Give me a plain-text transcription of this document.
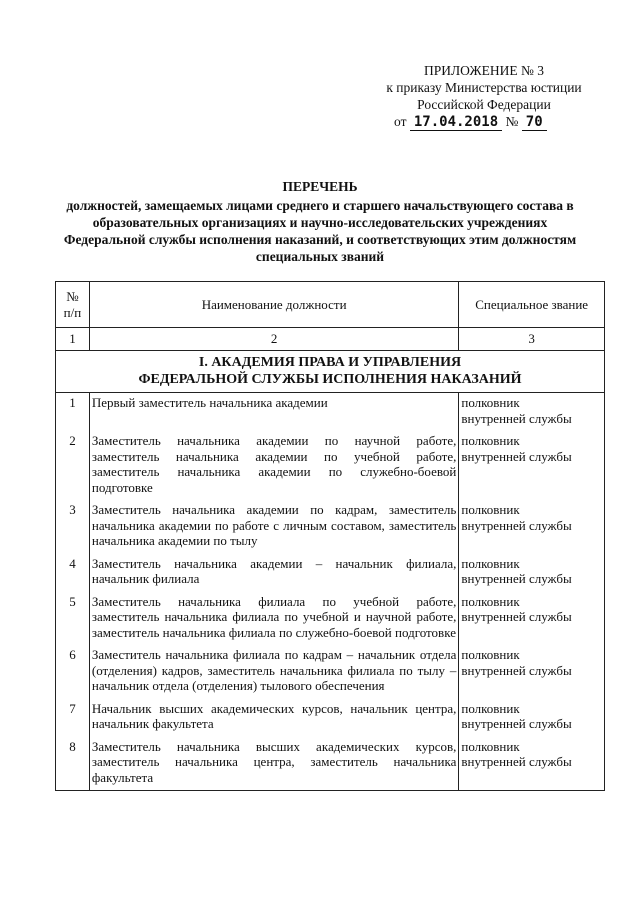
ПРИЛОЖЕНИЕ № 3
к приказу Министерства юстиции
Российской Федерации
от 17.04.2018 № 70
ПЕРЕЧЕНЬ
должностей, замещаемых лицами среднего и старшего начальствующего состава в
образовательных организациях и научно-исследовательских учреждениях
Федеральной службы исполнения наказаний, и соответствующих этим должностям
специальных званий
№
п/п	Наименование должности	Специальное звание
1	2	3

I. АКАДЕМИЯ ПРАВА И УПРАВЛЕНИЯ
ФЕДЕРАЛЬНОЙ СЛУЖБЫ ИСПОЛНЕНИЯ НАКАЗАНИЙ		

1	Первый заместитель начальника академии	полковник
внутренней службы
2	Заместитель начальника академии по научной работе, заместитель начальника академии по учебной работе, заместитель начальника академии по служебно-боевой подготовке	полковник
внутренней службы
3	Заместитель начальника академии по кадрам, заместитель начальника академии по работе с личным составом, заместитель начальника академии по тылу	полковник
внутренней службы
4	Заместитель начальника академии – начальник филиала, начальник филиала	полковник
внутренней службы
5	Заместитель начальника филиала по учебной работе, заместитель начальника филиала по учебной и научной работе, заместитель начальника филиала по служебно-боевой подготовке	полковник
внутренней службы
6	Заместитель начальника филиала по кадрам – начальник отдела (отделения) кадров, заместитель начальника филиала по тылу – начальник отдела (отделения) тылового обеспечения	полковник
внутренней службы
7	Начальник высших академических курсов, начальник центра, начальник факультета	полковник
внутренней службы
8	Заместитель начальника высших академических курсов, заместитель начальника центра, заместитель начальника факультета	полковник
внутренней службы
